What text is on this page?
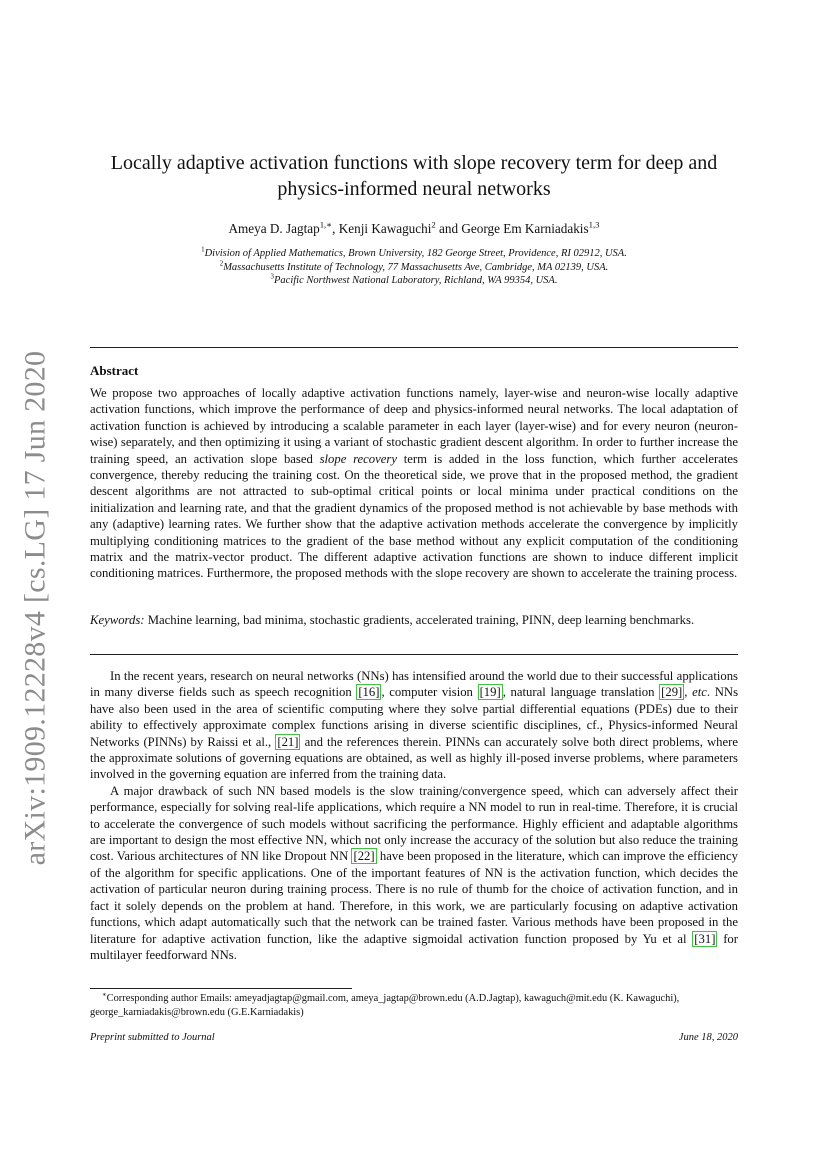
arXiv:1909.12228v4 [cs.LG] 17 Jun 2020
Locally adaptive activation functions with slope recovery term for deep and
physics-informed neural networks
Ameya D. Jagtap$^{1,∗}$, Kenji Kawaguchi$^2$ and George Em Karniadakis$^{1,3}$
$^1$Division of Applied Mathematics, Brown University, 182 George Street, Providence, RI 02912, USA.
$^2$Massachusetts Institute of Technology, 77 Massachusetts Ave, Cambridge, MA 02139, USA.
$^3$Pacific Northwest National Laboratory, Richland, WA 99354, USA.
Abstract
We propose two approaches of locally adaptive activation functions namely, layer-wise and neuron-wise locally adaptive activation functions, which improve the performance of deep and physics-informed neural networks. The local adaptation of activation function is achieved by introducing a scalable parameter in each layer (layer-wise) and for every neuron (neuron-wise) separately, and then optimizing it using a variant of stochastic gradient descent algorithm. In order to further increase the training speed, an activation slope based slope recovery term is added in the loss function, which further accelerates convergence, thereby reducing the training cost. On the theoretical side, we prove that in the proposed method, the gradient descent algorithms are not attracted to sub-optimal critical points or local minima under practical conditions on the initialization and learning rate, and that the gradient dynamics of the proposed method is not achievable by base methods with any (adaptive) learning rates. We further show that the adaptive activation methods accelerate the convergence by implicitly multiplying conditioning matrices to the gradient of the base method without any explicit computation of the conditioning matrix and the matrix-vector product. The different adaptive activation functions are shown to induce different implicit conditioning matrices. Furthermore, the proposed methods with the slope recovery are shown to accelerate the training process.
Keywords: Machine learning, bad minima, stochastic gradients, accelerated training, PINN, deep learning benchmarks.

In the recent years, research on neural networks (NNs) has intensified around the world due to their successful applications in many diverse fields such as speech recognition [16] , computer vision [19] , natural language translation [29] , etc. NNs have also been used in the area of scientific computing where they solve partial differential equations (PDEs) due to their ability to effectively approximate complex functions arising in diverse scientific disciplines, cf., Physics-informed Neural Networks (PINNs) by Raissi et al., [21] and the references therein. PINNs can accurately solve both direct problems, where the approximate solutions of governing equations are obtained, as well as highly ill-posed inverse problems, where parameters involved in the governing equation are inferred from the training data.

A major drawback of such NN based models is the slow training/convergence speed, which can adversely affect their performance, especially for solving real-life applications, which require a NN model to run in real-time. Therefore, it is crucial to accelerate the convergence of such models without sacrificing the performance. Highly efficient and adaptable algorithms are important to design the most effective NN, which not only increase the accuracy of the solution but also reduce the training cost. Various architectures of NN like Dropout NN [22] have been proposed in the literature, which can improve the efficiency of the algorithm for specific applications. One of the important features of NN is the activation function, which decides the activation of particular neuron during training process. There is no rule of thumb for the choice of activation function, and in fact it solely depends on the problem at hand. Therefore, in this work, we are particularly focusing on adaptive activation functions, which adapt automatically such that the network can be trained faster. Various methods have been proposed in the literature for adaptive activation function, like the adaptive sigmoidal activation function proposed by Yu et al [31] for multilayer feedforward NNs.

∗Corresponding author Emails: ameyadjagtap@gmail.com, ameya_jagtap@brown.edu (A.D.Jagtap), kawaguch@mit.edu (K. Kawaguchi), george_karniadakis@brown.edu (G.E.Karniadakis)
Preprint submitted to Journal	June 18, 2020
